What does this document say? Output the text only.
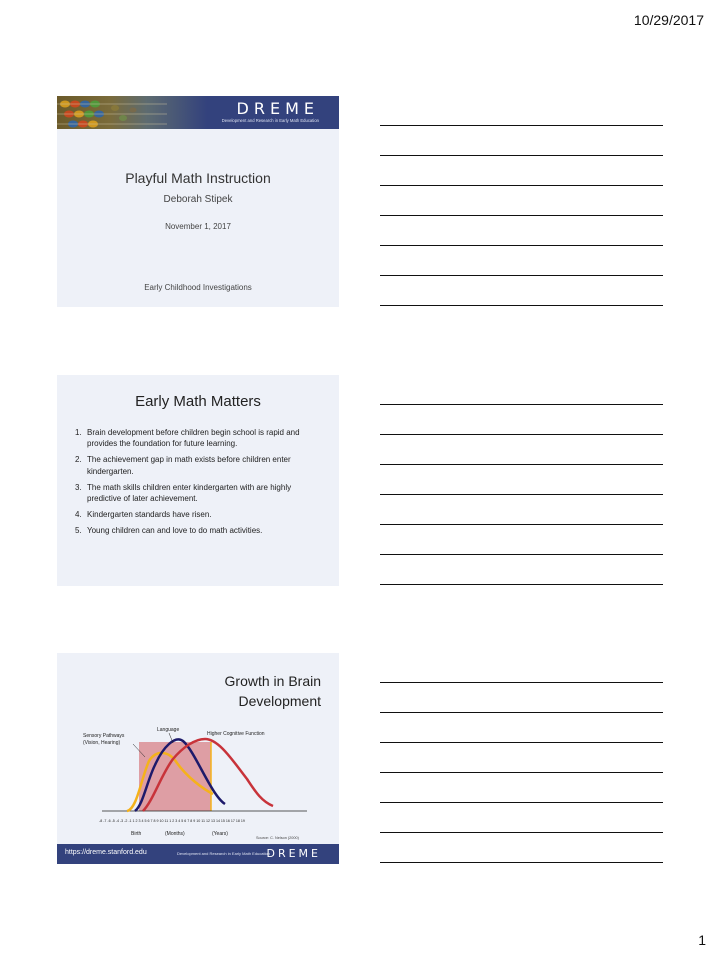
10/29/2017
DREME
Development and Research in Early Math Education
Playful Math Instruction
Deborah Stipek
November 1, 2017
Early Childhood Investigations
Early Math Matters
1. Brain development before children begin school is rapid and provides the foundation for future learning.
2. The achievement gap in math exists before children enter kindergarten.
3. The math skills children enter kindergarten with are highly predictive of later achievement.
4. Kindergarten standards have risen.
5. Young children can and love to do math activities.
Growth in Brain Development
Sensory Pathways
(Vision, Hearing)
Language
Higher Cognitive Function
-8 -7 -6 -5 -4 -3 -2 -1 1 2 3 4 5 6 7 8 9 10 11 1 2 3 4 5 6 7 8 9 10 11 12 13 14 15 16 17 18 19
Birth	(Months)	(Years)
Source: C. Nelson (2000)
https://dreme.stanford.edu	Development and Research in Early Math Education
DREME
1
